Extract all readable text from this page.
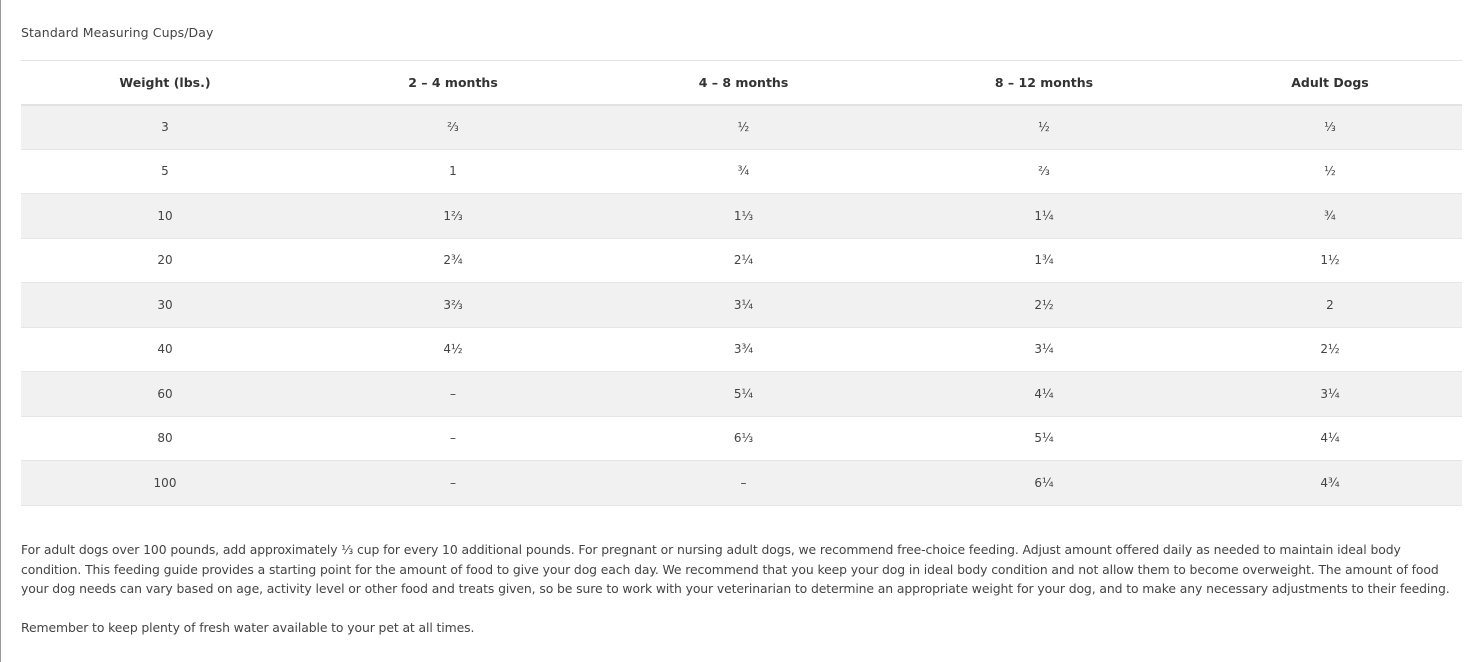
Standard Measuring Cups/Day
Weight (lbs.)	2 – 4 months	4 – 8 months	8 – 12 months	Adult Dogs
3	⅔	½	½	⅓
5	1	¾	⅔	½
10	1⅔	1⅓	1¼	¾
20	2¾	2¼	1¾	1½
30	3⅔	3¼	2½	2
40	4½	3¾	3¼	2½
60	–	5¼	4¼	3¼
80	–	6⅓	5¼	4¼
100	–	–	6¼	4¾

For adult dogs over 100 pounds, add approximately ⅓ cup for every 10 additional pounds. For pregnant or nursing adult dogs, we recommend free-choice feeding. Adjust amount offered daily as needed to maintain ideal body condition. This feeding guide provides a starting point for the amount of food to give your dog each day. We recommend that you keep your dog in ideal body condition and not allow them to become overweight. The amount of food your dog needs can vary based on age, activity level or other food and treats given, so be sure to work with your veterinarian to determine an appropriate weight for your dog, and to make any necessary adjustments to their feeding.

Remember to keep plenty of fresh water available to your pet at all times.
